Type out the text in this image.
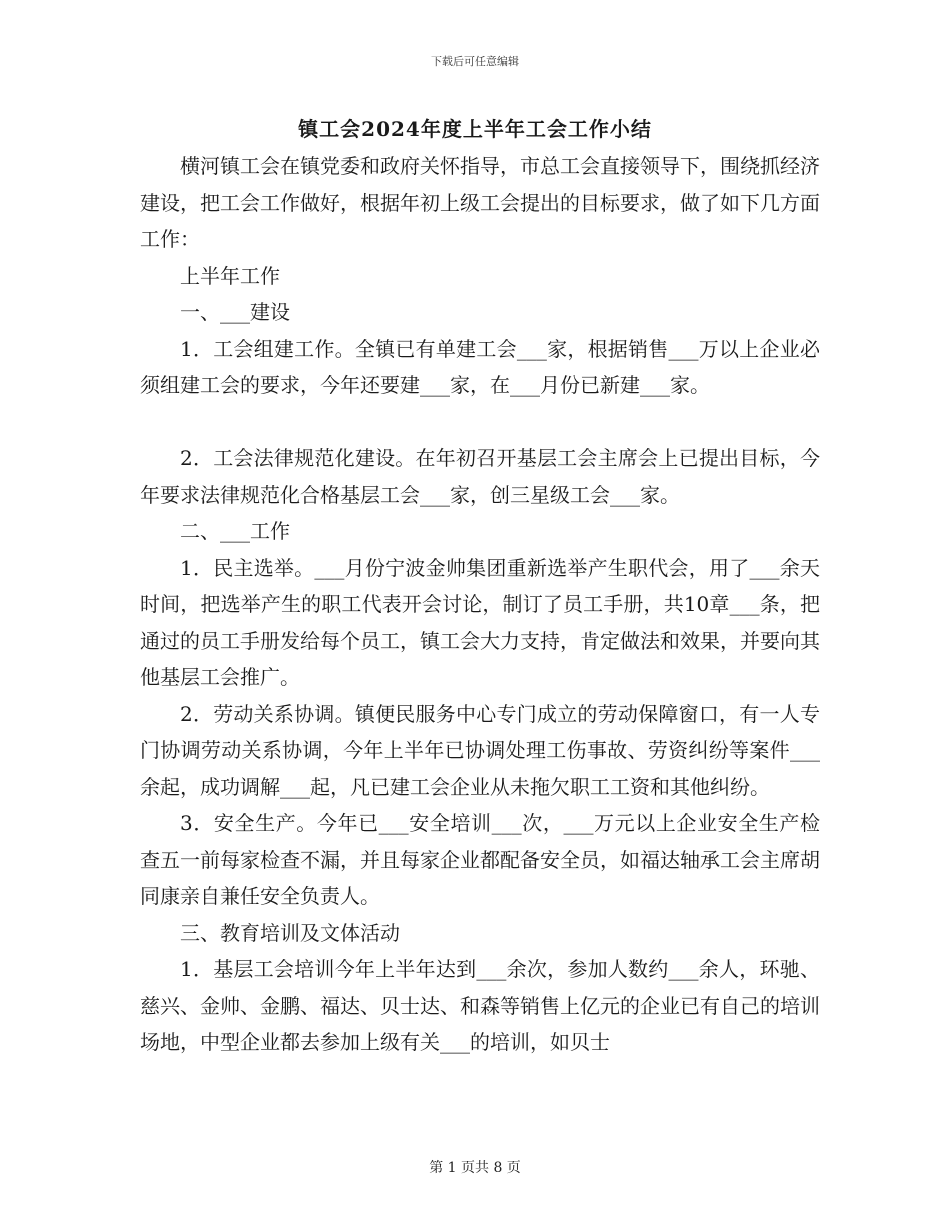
下载后可任意编辑
镇工会2024年度上半年工会工作小结

横河镇工会在镇党委和政府关怀指导，市总工会直接领导下，围绕抓经济建设，把工会工作做好，根据年初上级工会提出的目标要求，做了如下几方面工作：

上半年工作

一、___建设

1．工会组建工作。全镇已有单建工会___家，根据销售___万以上企业必须组建工会的要求，今年还要建___家，在___月份已新建___家。

2．工会法律规范化建设。在年初召开基层工会主席会上已提出目标，今年要求法律规范化合格基层工会___家，创三星级工会___家。

二、___工作

1．民主选举。___月份宁波金帅集团重新选举产生职代会，用了___余天时间，把选举产生的职工代表开会讨论，制订了员工手册，共10章___条，把通过的员工手册发给每个员工，镇工会大力支持，肯定做法和效果，并要向其他基层工会推广。

2．劳动关系协调。镇便民服务中心专门成立的劳动保障窗口，有一人专门协调劳动关系协调，今年上半年已协调处理工伤事故、劳资纠纷等案件___余起，成功调解___起，凡已建工会企业从未拖欠职工工资和其他纠纷。

3．安全生产。今年已___安全培训___次，___万元以上企业安全生产检查五一前每家检查不漏，并且每家企业都配备安全员，如福达轴承工会主席胡同康亲自兼任安全负责人。

三、教育培训及文体活动

1．基层工会培训今年上半年达到___余次，参加人数约___余人，环驰、慈兴、金帅、金鹏、福达、贝士达、和森等销售上亿元的企业已有自己的培训场地，中型企业都去参加上级有关___的培训，如贝士

第 1 页共 8 页
